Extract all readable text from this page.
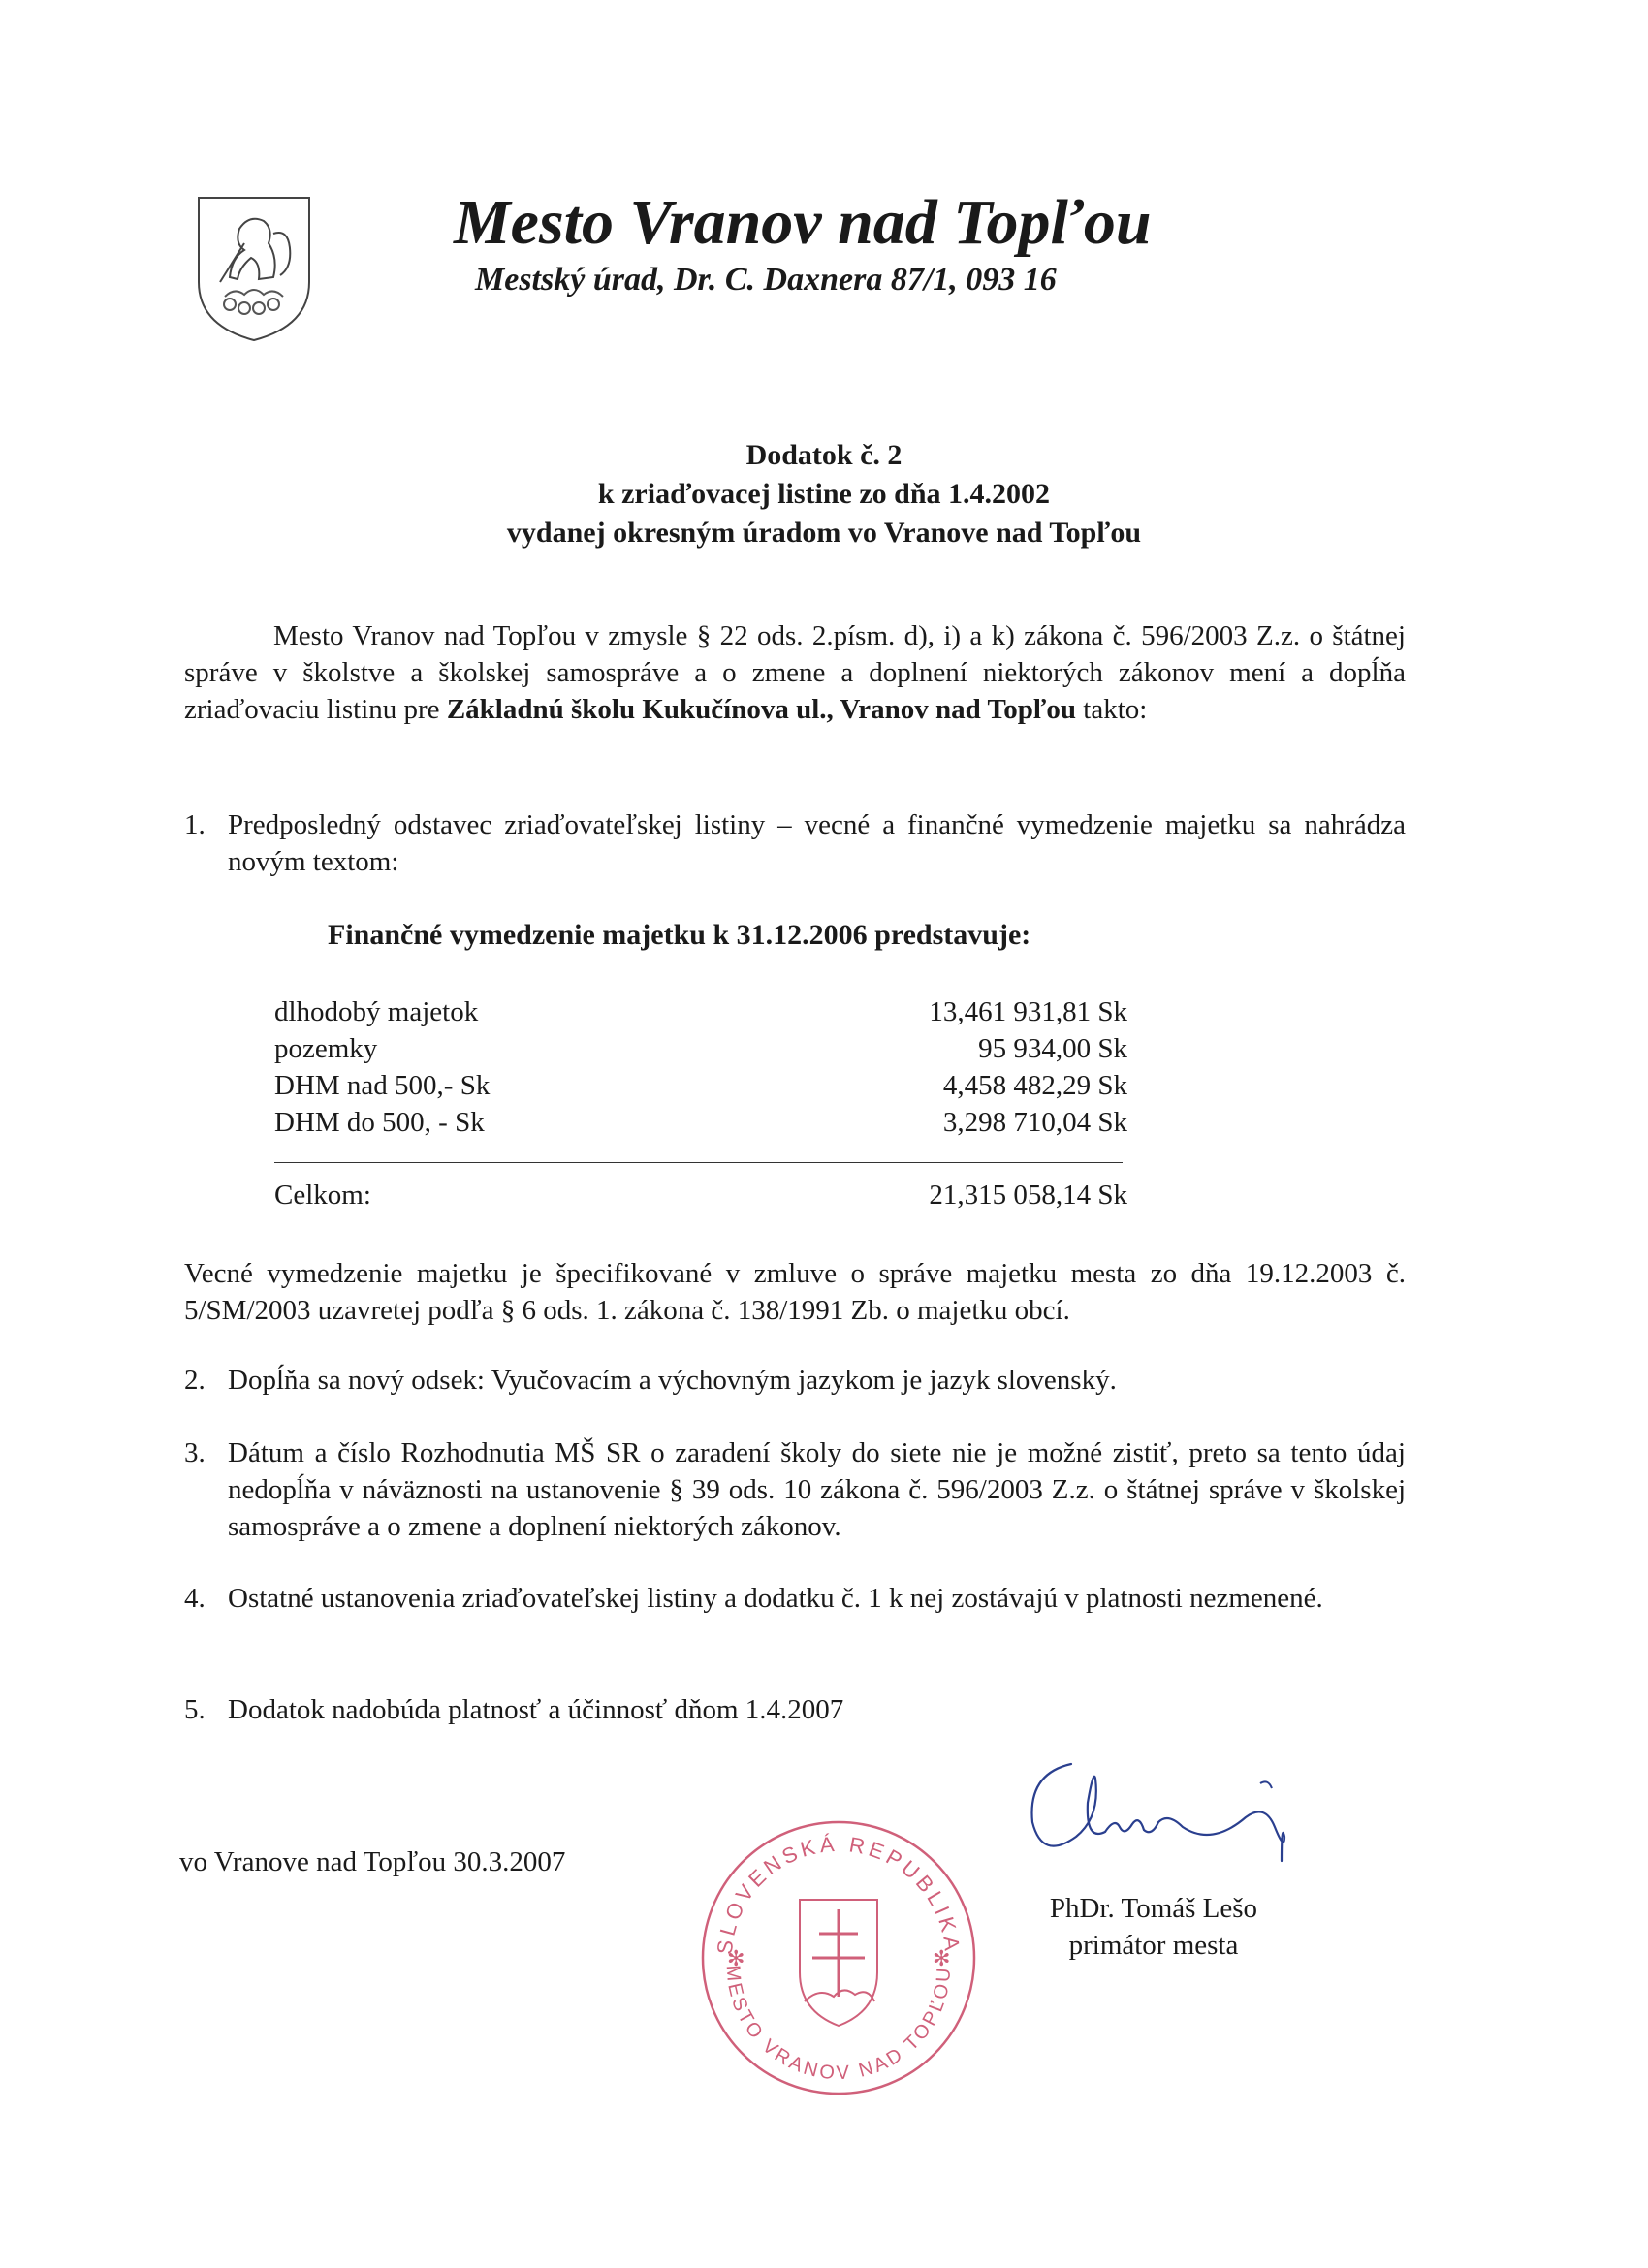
Mesto Vranov nad Topľou
Mestský úrad, Dr. C. Daxnera 87/1, 093 16
Dodatok č. 2
k zriaďovacej listine zo dňa 1.4.2002
vydanej okresným úradom vo Vranove nad Topľou
Mesto Vranov nad Topľou v zmysle § 22 ods. 2.písm. d), i) a k) zákona č. 596/2003 Z.z. o štátnej správe v školstve a školskej samospráve a o zmene a doplnení niektorých zákonov mení a dopĺňa zriaďovaciu listinu pre Základnú školu Kukučínova ul., Vranov nad Topľou takto:
1. Predposledný odstavec zriaďovateľskej listiny – vecné a finančné vymedzenie majetku sa nahrádza novým textom:
Finančné vymedzenie majetku k 31.12.2006 predstavuje:
dlhodobý majetok	13,461 931,81 Sk
pozemky	95 934,00 Sk
DHM nad 500,- Sk	4,458 482,29 Sk
DHM do 500, - Sk	3,298 710,04 Sk
Celkom:	21,315 058,14 Sk
Vecné vymedzenie majetku je špecifikované v zmluve o správe majetku mesta zo dňa 19.12.2003 č. 5/SM/2003 uzavretej podľa § 6 ods. 1. zákona č. 138/1991 Zb. o majetku obcí.
2. Dopĺňa sa nový odsek: Vyučovacím a výchovným jazykom je jazyk slovenský.
3. Dátum a číslo Rozhodnutia MŠ SR o zaradení školy do siete nie je možné zistiť, preto sa tento údaj nedopĺňa v náväznosti na ustanovenie § 39 ods. 10 zákona č. 596/2003 Z.z. o štátnej správe v školskej samospráve a o zmene a doplnení niektorých zákonov.
4. Ostatné ustanovenia zriaďovateľskej listiny a dodatku č. 1 k nej zostávajú v platnosti nezmenené.
5. Dodatok nadobúda platnosť a účinnosť dňom 1.4.2007
vo Vranove nad Topľou 30.3.2007
SLOVENSKÁ REPUBLIKA
MESTO VRANOV NAD TOPĽOU
✻	✻
PhDr. Tomáš Lešo
primátor mesta
